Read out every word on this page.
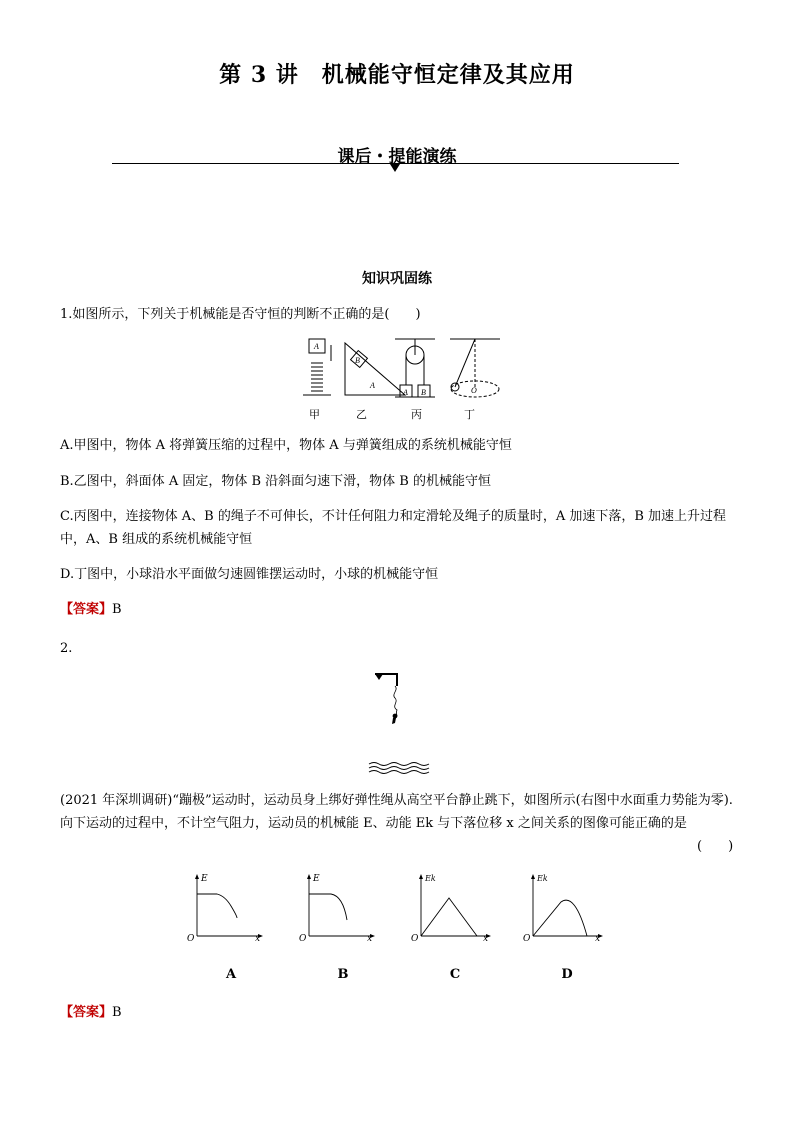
第 3 讲　机械能守恒定律及其应用
课后・提能演练
知识巩固练
1.如图所示，下列关于机械能是否守恒的判断不正确的是(　　)
A
B
A
A B	O
甲	乙	丙	丁
A.甲图中，物体 A 将弹簧压缩的过程中，物体 A 与弹簧组成的系统机械能守恒
B.乙图中，斜面体 A 固定，物体 B 沿斜面匀速下滑，物体 B 的机械能守恒
C.丙图中，连接物体 A、B 的绳子不可伸长，不计任何阻力和定滑轮及绳子的质量时，A 加速下落，B 加速上升过程中，A、B 组成的系统机械能守恒
D.丁图中，小球沿水平面做匀速圆锥摆运动时，小球的机械能守恒
【答案】B
2.
(2021 年深圳调研)“蹦极”运动时，运动员身上绑好弹性绳从高空平台静止跳下，如图所示(右图中水面重力势能为零).向下运动的过程中，不计空气阻力，运动员的机械能 E、动能 Ek 与下落位移 x 之间关系的图像可能正确的是
(　　)
E
O	x
E
O	x
Ek
O	x
Ek
O	x
A	B	C	D
【答案】B
